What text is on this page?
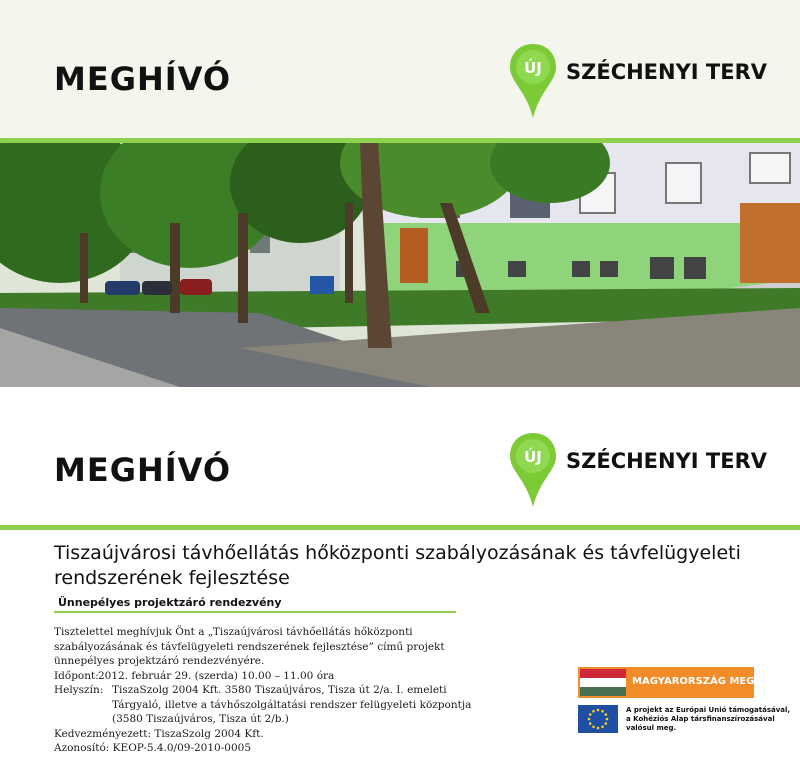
MEGHÍVÓ	ÚJ SZÉCHENYI TERV
MEGHÍVÓ	ÚJ SZÉCHENYI TERV
Tiszaújvárosi távhőellátás hőközponti szabályozásának és távfelügyeleti rendszerének fejlesztése
Ünnepélyes projektzáró rendezvény

Tisztelettel meghívjuk Önt a „Tiszaújvárosi távhőellátás hőközponti szabályozásának és távfelügyeleti rendszerének fejlesztése” című projekt ünnepélyes projektzáró rendezvényére.

Időpont: 2012. február 29. (szerda) 10.00 – 11.00 óra
Helyszín: TiszaSzolg 2004 Kft. 3580 Tiszaújváros, Tisza út 2/a. I. emeleti

Tárgyaló, illetve a távhőszolgáltatási rendszer felügyeleti központja

(3580 Tiszaújváros, Tisza út 2/b.)

Kedvezményezett: TiszaSzolg 2004 Kft.

Azonosító: KEOP-5.4.0/09-2010-0005

MAGYARORSZÁG MEGÚJUL
A projekt az Európai Unió támogatásával, a Kohéziós Alap társfinanszírozásával valósul meg.
